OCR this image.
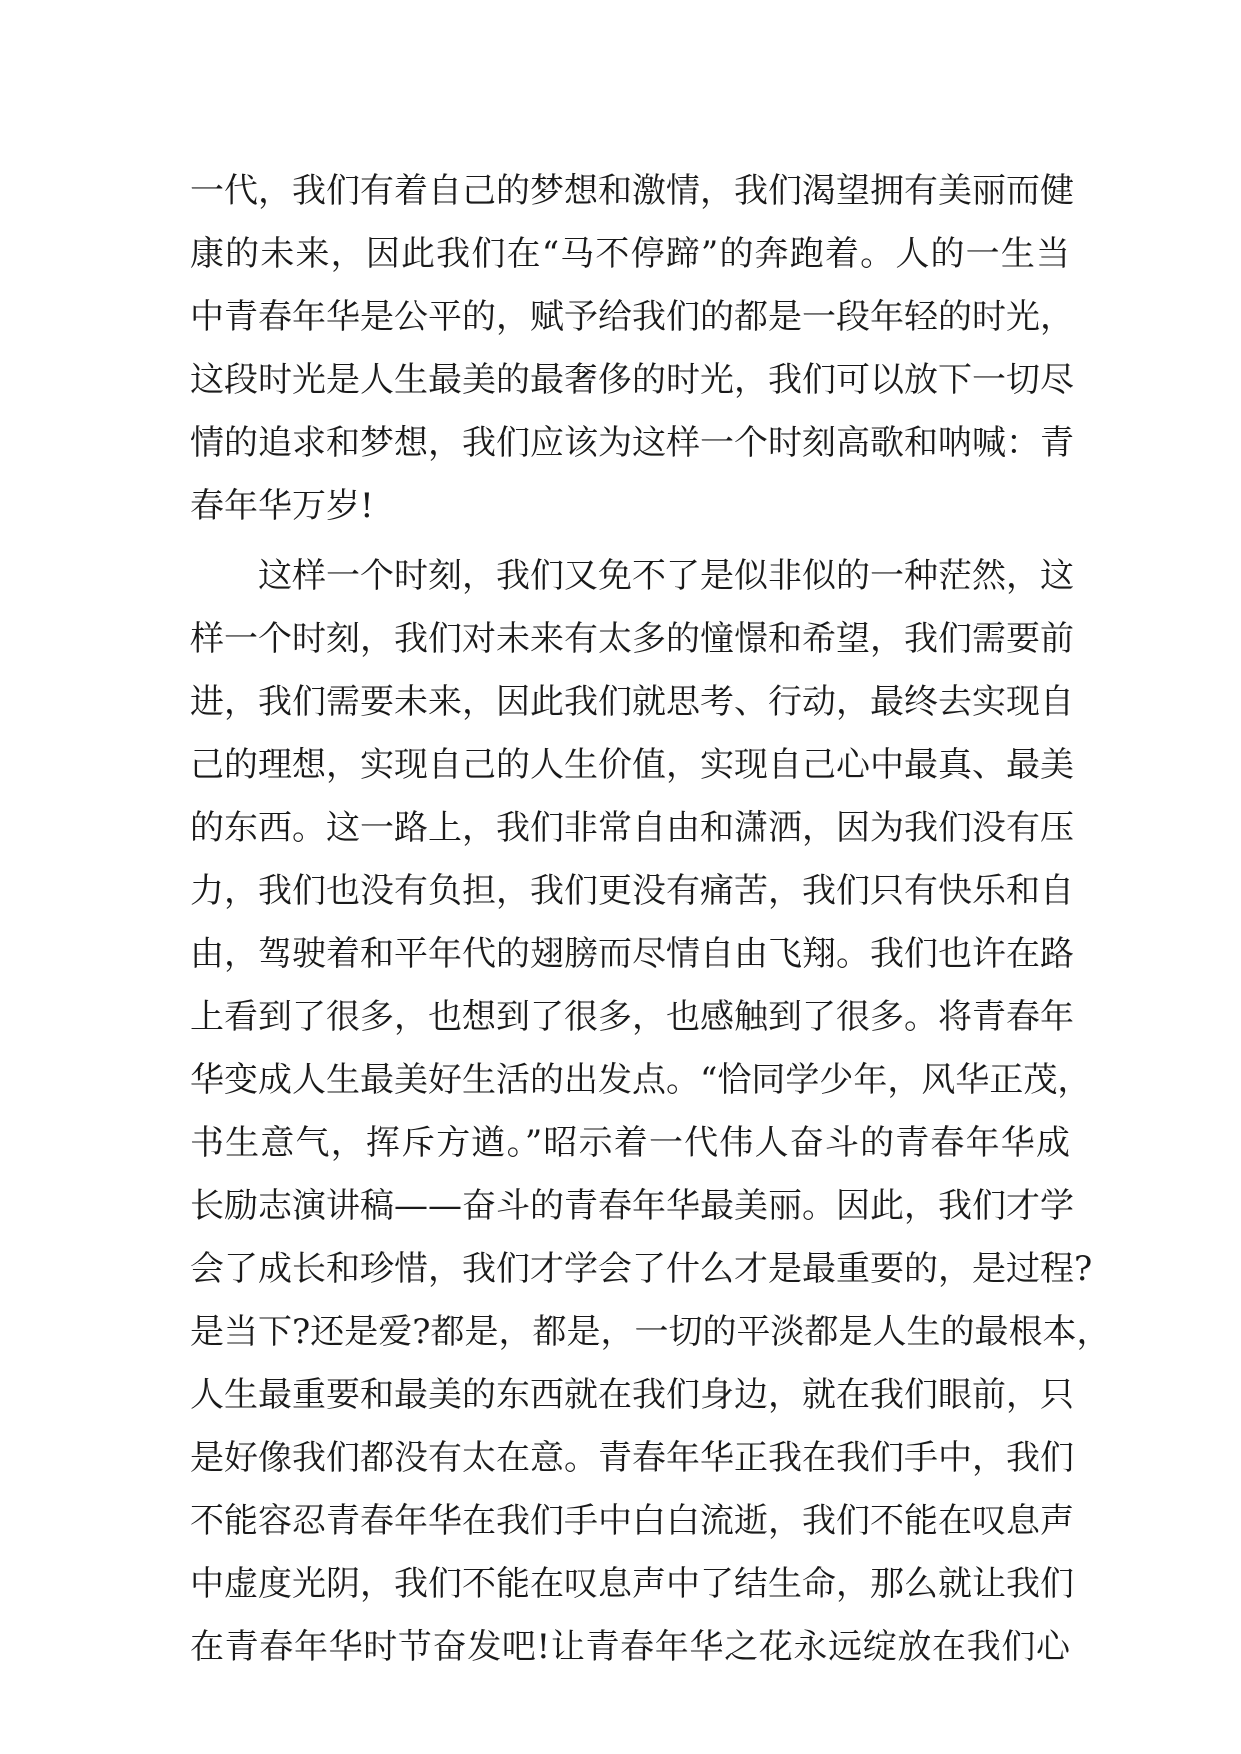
一代，我们有着自己的梦想和激情，我们渴望拥有美丽而健
康的未来，因此我们在“马不停蹄”的奔跑着。人的一生当
中青春年华是公平的，赋予给我们的都是一段年轻的时光，
这段时光是人生最美的最奢侈的时光，我们可以放下一切尽
情的追求和梦想，我们应该为这样一个时刻高歌和呐喊：青
春年华万岁!
这样一个时刻，我们又免不了是似非似的一种茫然，这
样一个时刻，我们对未来有太多的憧憬和希望，我们需要前
进，我们需要未来，因此我们就思考、行动，最终去实现自
己的理想，实现自己的人生价值，实现自己心中最真、最美
的东西。这一路上，我们非常自由和潇洒，因为我们没有压
力，我们也没有负担，我们更没有痛苦，我们只有快乐和自
由，驾驶着和平年代的翅膀而尽情自由飞翔。我们也许在路
上看到了很多，也想到了很多，也感触到了很多。将青春年
华变成人生最美好生活的出发点。“恰同学少年，风华正茂，
书生意气，挥斥方遒。”昭示着一代伟人奋斗的青春年华成
长励志演讲稿——奋斗的青春年华最美丽。因此，我们才学
会了成长和珍惜，我们才学会了什么才是最重要的，是过程?
是当下?还是爱?都是，都是，一切的平淡都是人生的最根本，
人生最重要和最美的东西就在我们身边，就在我们眼前，只
是好像我们都没有太在意。青春年华正我在我们手中，我们
不能容忍青春年华在我们手中白白流逝，我们不能在叹息声
中虚度光阴，我们不能在叹息声中了结生命，那么就让我们
在青春年华时节奋发吧!让青春年华之花永远绽放在我们心
